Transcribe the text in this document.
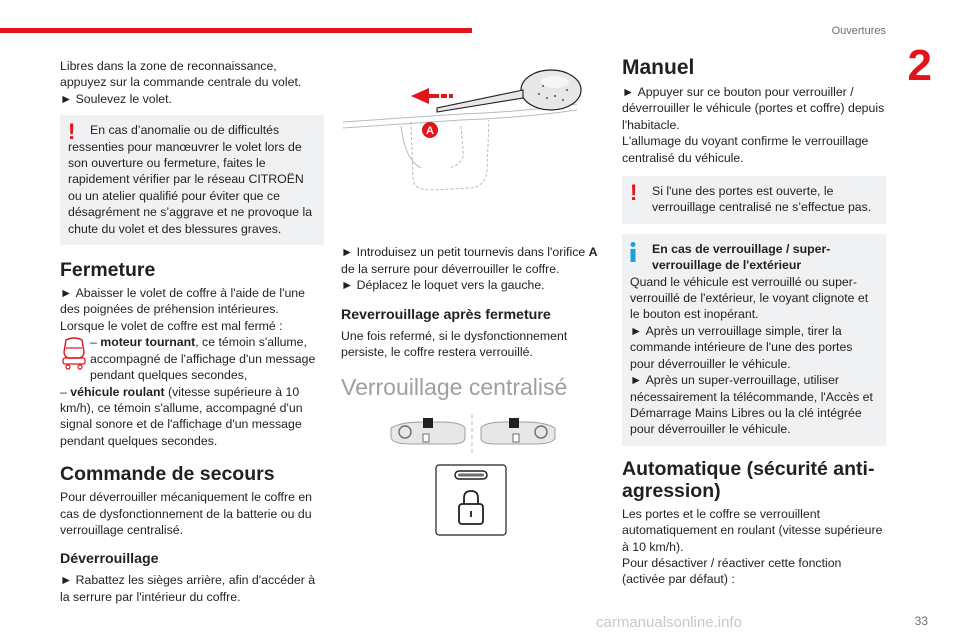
Ouvertures
2

Libres dans la zone de reconnaissance, appuyez sur la commande centrale du volet.

► Soulevez le volet.

!	En cas d’anomalie ou de difficultés ressenties pour manœuvrer le volet lors de son ouverture ou fermeture, faites le rapidement vérifier par le réseau CITROËN ou un atelier qualifié pour éviter que ce désagrément ne s’aggrave et ne provoque la chute du volet et des blessures graves.

Fermeture

► Abaisser le volet de coffre à l'aide de l'une des poignées de préhension intérieures.

Lorsque le volet de coffre est mal fermé :

– moteur tournant, ce témoin s'allume, accompagné de l'affichage d'un message pendant quelques secondes,

– véhicule roulant (vitesse supérieure à 10 km/h), ce témoin s'allume, accompagné d'un signal sonore et de l'affichage d'un message pendant quelques secondes.

Commande de secours

Pour déverrouiller mécaniquement le coffre en cas de dysfonctionnement de la batterie ou du verrouillage centralisé.

Déverrouillage

► Rabattez les sièges arrière, afin d'accéder à la serrure par l'intérieur du coffre.

A

► Introduisez un petit tournevis dans l'orifice A de la serrure pour déverrouiller le coffre.

► Déplacez le loquet vers la gauche.

Reverrouillage après fermeture

Une fois refermé, si le dysfonctionnement persiste, le coffre restera verrouillé.

Verrouillage centralisé

Manuel

► Appuyer sur ce bouton pour verrouiller / déverrouiller le véhicule (portes et coffre) depuis l'habitacle.

L'allumage du voyant confirme le verrouillage centralisé du véhicule.

!	Si l'une des portes est ouverte, le verrouillage centralisé ne s’effectue pas.

En cas de verrouillage / super-verrouillage de l'extérieur

Quand le véhicule est verrouillé ou super-verrouillé de l'extérieur, le voyant clignote et le bouton est inopérant.

► Après un verrouillage simple, tirer la commande intérieure de l'une des portes pour déverrouiller le véhicule.

► Après un super-verrouillage, utiliser nécessairement la télécommande, l'Accès et Démarrage Mains Libres ou la clé intégrée pour déverrouiller le véhicule.

Automatique (sécurité anti-agression)

Les portes et le coffre se verrouillent automatiquement en roulant (vitesse supérieure à 10 km/h).

Pour désactiver / réactiver cette fonction (activée par défaut) :

carmanualsonline.info	33
